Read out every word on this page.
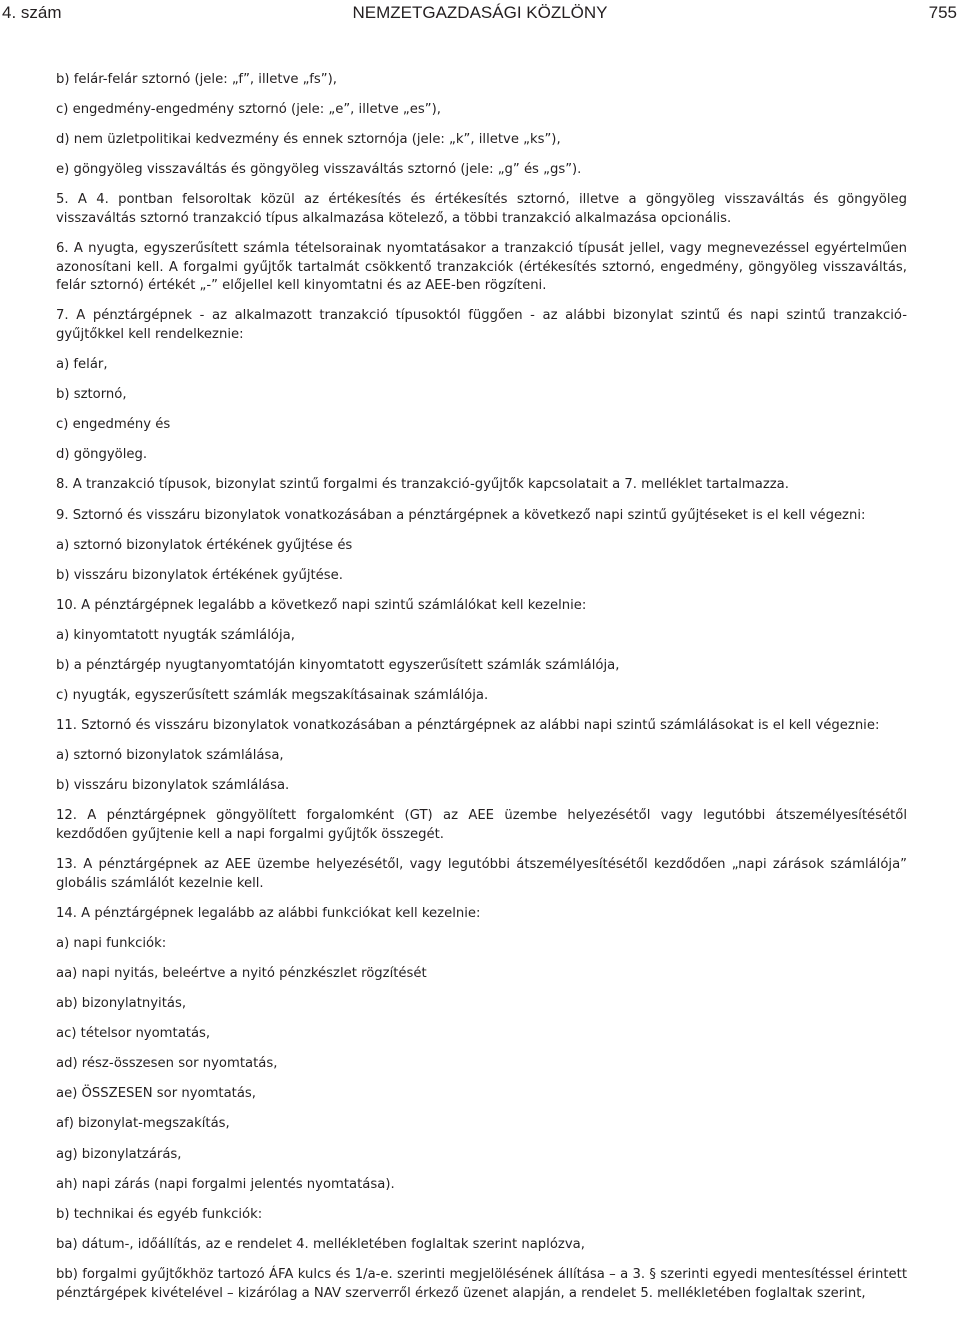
4. szám	NEMZETGAZDASÁGI KÖZLÖNY	755

b) felár-felár sztornó (jele: „f”, illetve „fs”),

c) engedmény-engedmény sztornó (jele: „e”, illetve „es”),

d) nem üzletpolitikai kedvezmény és ennek sztornója (jele: „k”, illetve „ks”),

e) göngyöleg visszaváltás és göngyöleg visszaváltás sztornó (jele: „g” és „gs”).

5. A 4. pontban felsoroltak közül az értékesítés és értékesítés sztornó, illetve a göngyöleg visszaváltás és göngyöleg visszaváltás sztornó tranzakció típus alkalmazása kötelező, a többi tranzakció alkalmazása opcionális.

6. A nyugta, egyszerűsített számla tételsorainak nyomtatásakor a tranzakció típusát jellel, vagy megnevezéssel egyértelműen azonosítani kell. A forgalmi gyűjtők tartalmát csökkentő tranzakciók (értékesítés sztornó, engedmény, göngyöleg visszaváltás, felár sztornó) értékét „-” előjellel kell kinyomtatni és az AEE-ben rögzíteni.

7. A pénztárgépnek - az alkalmazott tranzakció típusoktól függően - az alábbi bizonylat szintű és napi szintű tranzakció-gyűjtőkkel kell rendelkeznie:

a) felár,

b) sztornó,

c) engedmény és

d) göngyöleg.

8. A tranzakció típusok, bizonylat szintű forgalmi és tranzakció-gyűjtők kapcsolatait a 7. melléklet tartalmazza.

9. Sztornó és visszáru bizonylatok vonatkozásában a pénztárgépnek a következő napi szintű gyűjtéseket is el kell végezni:

a) sztornó bizonylatok értékének gyűjtése és

b) visszáru bizonylatok értékének gyűjtése.

10. A pénztárgépnek legalább a következő napi szintű számlálókat kell kezelnie:

a) kinyomtatott nyugták számlálója,

b) a pénztárgép nyugtanyomtatóján kinyomtatott egyszerűsített számlák számlálója,

c) nyugták, egyszerűsített számlák megszakításainak számlálója.

11. Sztornó és visszáru bizonylatok vonatkozásában a pénztárgépnek az alábbi napi szintű számlálásokat is el kell végeznie:

a) sztornó bizonylatok számlálása,

b) visszáru bizonylatok számlálása.

12. A pénztárgépnek göngyölített forgalomként (GT) az AEE üzembe helyezésétől vagy legutóbbi átszemélyesítésétől kezdődően gyűjtenie kell a napi forgalmi gyűjtők összegét.

13. A pénztárgépnek az AEE üzembe helyezésétől, vagy legutóbbi átszemélyesítésétől kezdődően „napi zárások számlálója” globális számlálót kezelnie kell.

14. A pénztárgépnek legalább az alábbi funkciókat kell kezelnie:

a) napi funkciók:

aa) napi nyitás, beleértve a nyitó pénzkészlet rögzítését

ab) bizonylatnyitás,

ac) tételsor nyomtatás,

ad) rész-összesen sor nyomtatás,

ae) ÖSSZESEN sor nyomtatás,

af) bizonylat-megszakítás,

ag) bizonylatzárás,

ah) napi zárás (napi forgalmi jelentés nyomtatása).

b) technikai és egyéb funkciók:

ba) dátum-, időállítás, az e rendelet 4. mellékletében foglaltak szerint naplózva,

bb) forgalmi gyűjtőkhöz tartozó ÁFA kulcs és 1/a-e. szerinti megjelölésének állítása – a 3. § szerinti egyedi mentesítéssel érintett pénztárgépek kivételével – kizárólag a NAV szerverről érkező üzenet alapján, a rendelet 5. mellékletében foglaltak szerint,
